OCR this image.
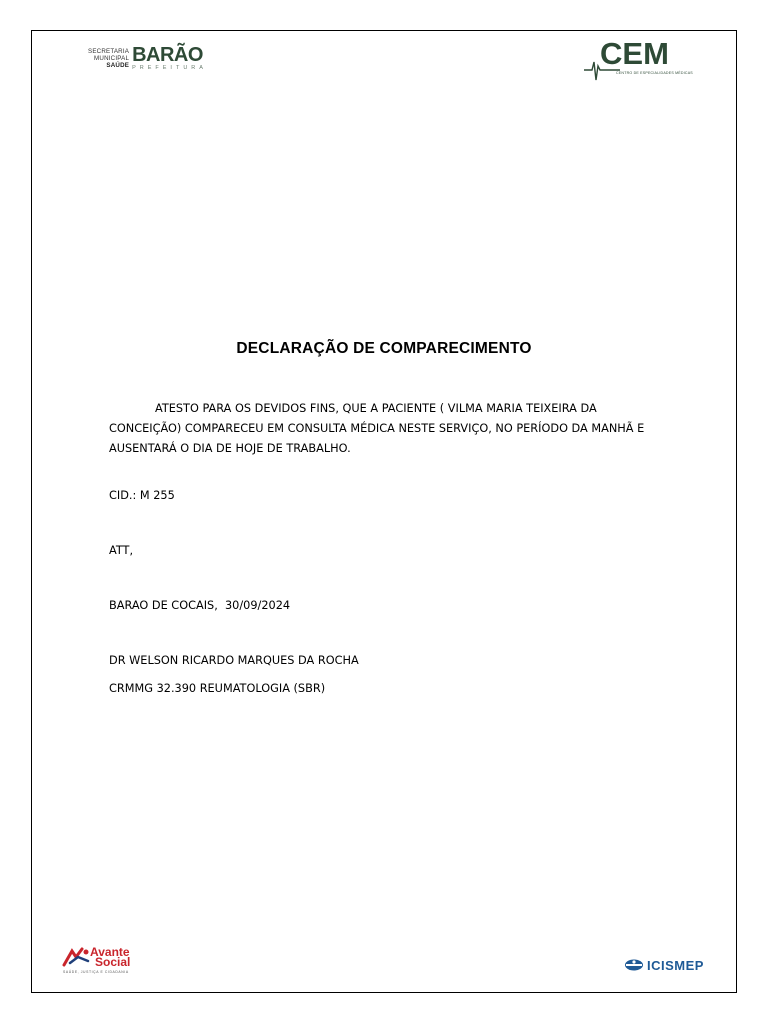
SECRETARIA
MUNICIPAL
SAÚDE BARÃO
PREFEITURA	CEM
CENTRO DE ESPECIALIDADES MÉDICAS
DECLARAÇÃO DE COMPARECIMENTO
ATESTO PARA OS DEVIDOS FINS, QUE A PACIENTE ( VILMA MARIA TEIXEIRA DA CONCEIÇÃO) COMPARECEU EM CONSULTA MÉDICA NESTE SERVIÇO, NO PERÍODO DA MANHÃ E AUSENTARÁ O DIA DE HOJE DE TRABALHO.
CID.: M 255
ATT,
BARAO DE COCAIS,  30/09/2024
DR WELSON RICARDO MARQUES DA ROCHA
CRMMG 32.390 REUMATOLOGIA (SBR)
Avante
Social
SAÚDE, JUSTIÇA E CIDADANIA	ICISMEP
